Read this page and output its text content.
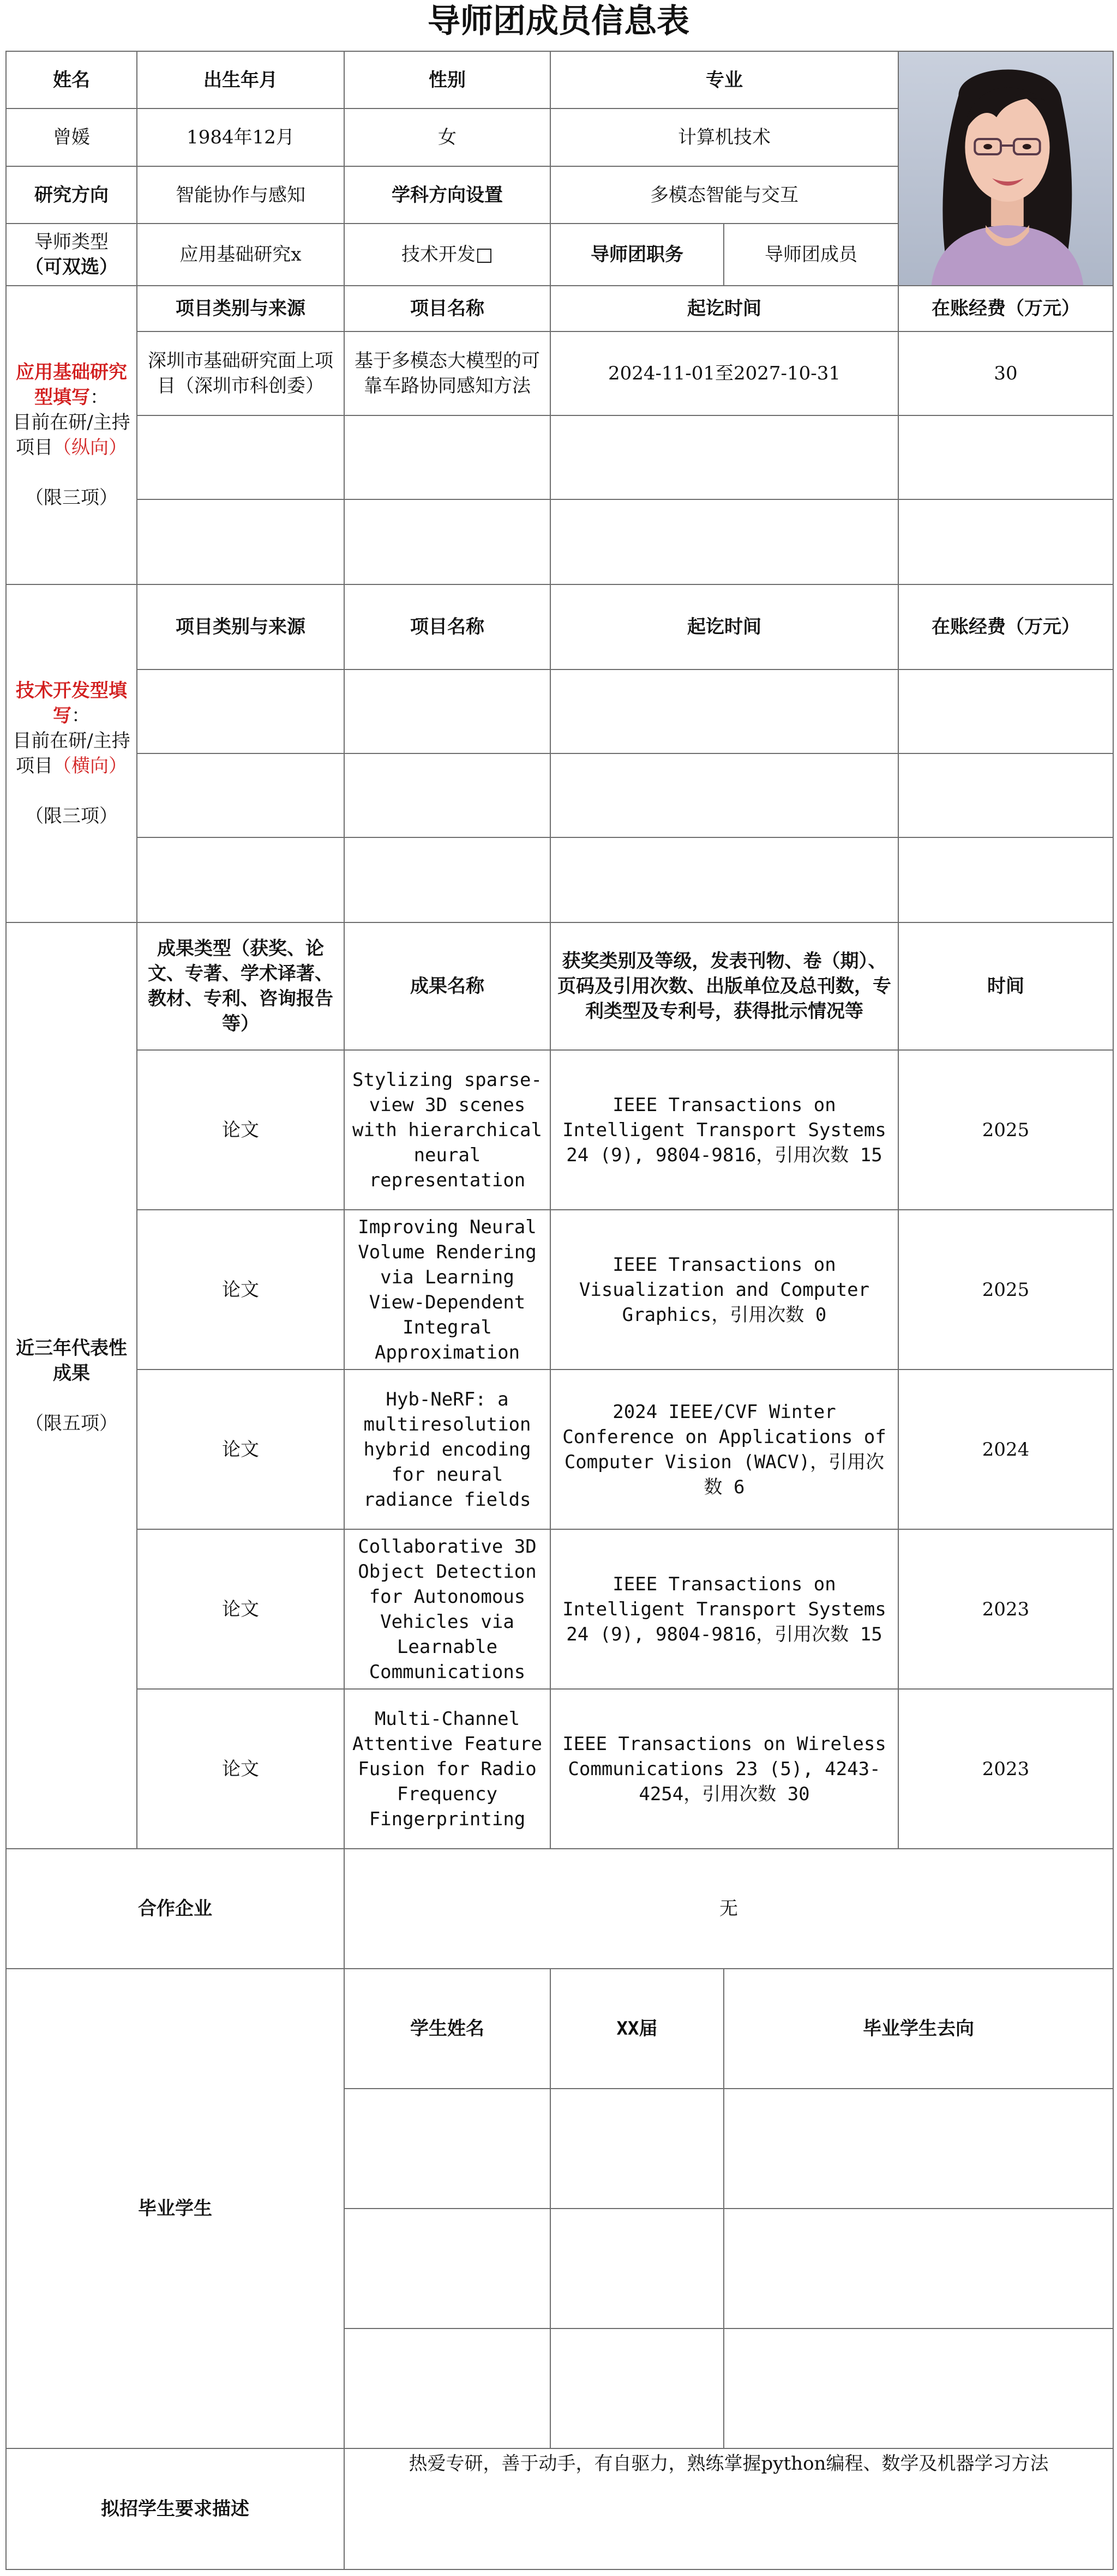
导师团成员信息表
姓名	出生年月	性别	专业	

曾媛	1984年12月	女	计算机技术		
研究方向	智能协作与感知	学科方向设置	多模态智能与交互		

导师类型
（可双选）	应用基础研究x	技术开发□	导师团职务	导师团成员	
应用基础研究型填写：
目前在研/主持项目（纵向）

（限三项）	项目类别与来源	项目名称	起讫时间		在账经费（万元）
	深圳市基础研究面上项目（深圳市科创委）	基于多模态大模型的可靠车路协同感知方法	2024-11-01至2027-10-31		30

技术开发型填写：
目前在研/主持项目（横向）

（限三项）	项目类别与来源	项目名称	起讫时间		在账经费（万元）

近三年代表性成果

（限五项）	成果类型（获奖、论文、专著、学术译著、教材、专利、咨询报告等）	成果名称	获奖类别及等级，发表刊物、卷（期）、页码及引用次数、出版单位及总刊数，专利类型及专利号，获得批示情况等		时间
	论文	Stylizing sparse-view 3D scenes with hierarchical neural representation	IEEE Transactions on Intelligent Transport Systems 24 (9), 9804-9816，引用次数 15		2025
	论文	Improving Neural Volume Rendering via Learning View-Dependent Integral Approximation	IEEE Transactions on Visualization and Computer Graphics，引用次数 0		2025
	论文	Hyb-NeRF: a multiresolution hybrid encoding for neural radiance fields	2024 IEEE/CVF Winter Conference on Applications of Computer Vision (WACV)，引用次数 6		2024
	论文	Collaborative 3D Object Detection for Autonomous Vehicles via Learnable Communications	IEEE Transactions on Intelligent Transport Systems 24 (9), 9804-9816，引用次数 15		2023
	论文	Multi-Channel Attentive Feature Fusion for Radio Frequency Fingerprinting	IEEE Transactions on Wireless Communications 23 (5), 4243-4254，引用次数 30		2023
合作企业		无			
毕业学生		学生姓名	XX届	毕业学生去向	

拟招学生要求描述		热爱专研，善于动手，有自驱力，熟练掌握python编程、数学及机器学习方法			
